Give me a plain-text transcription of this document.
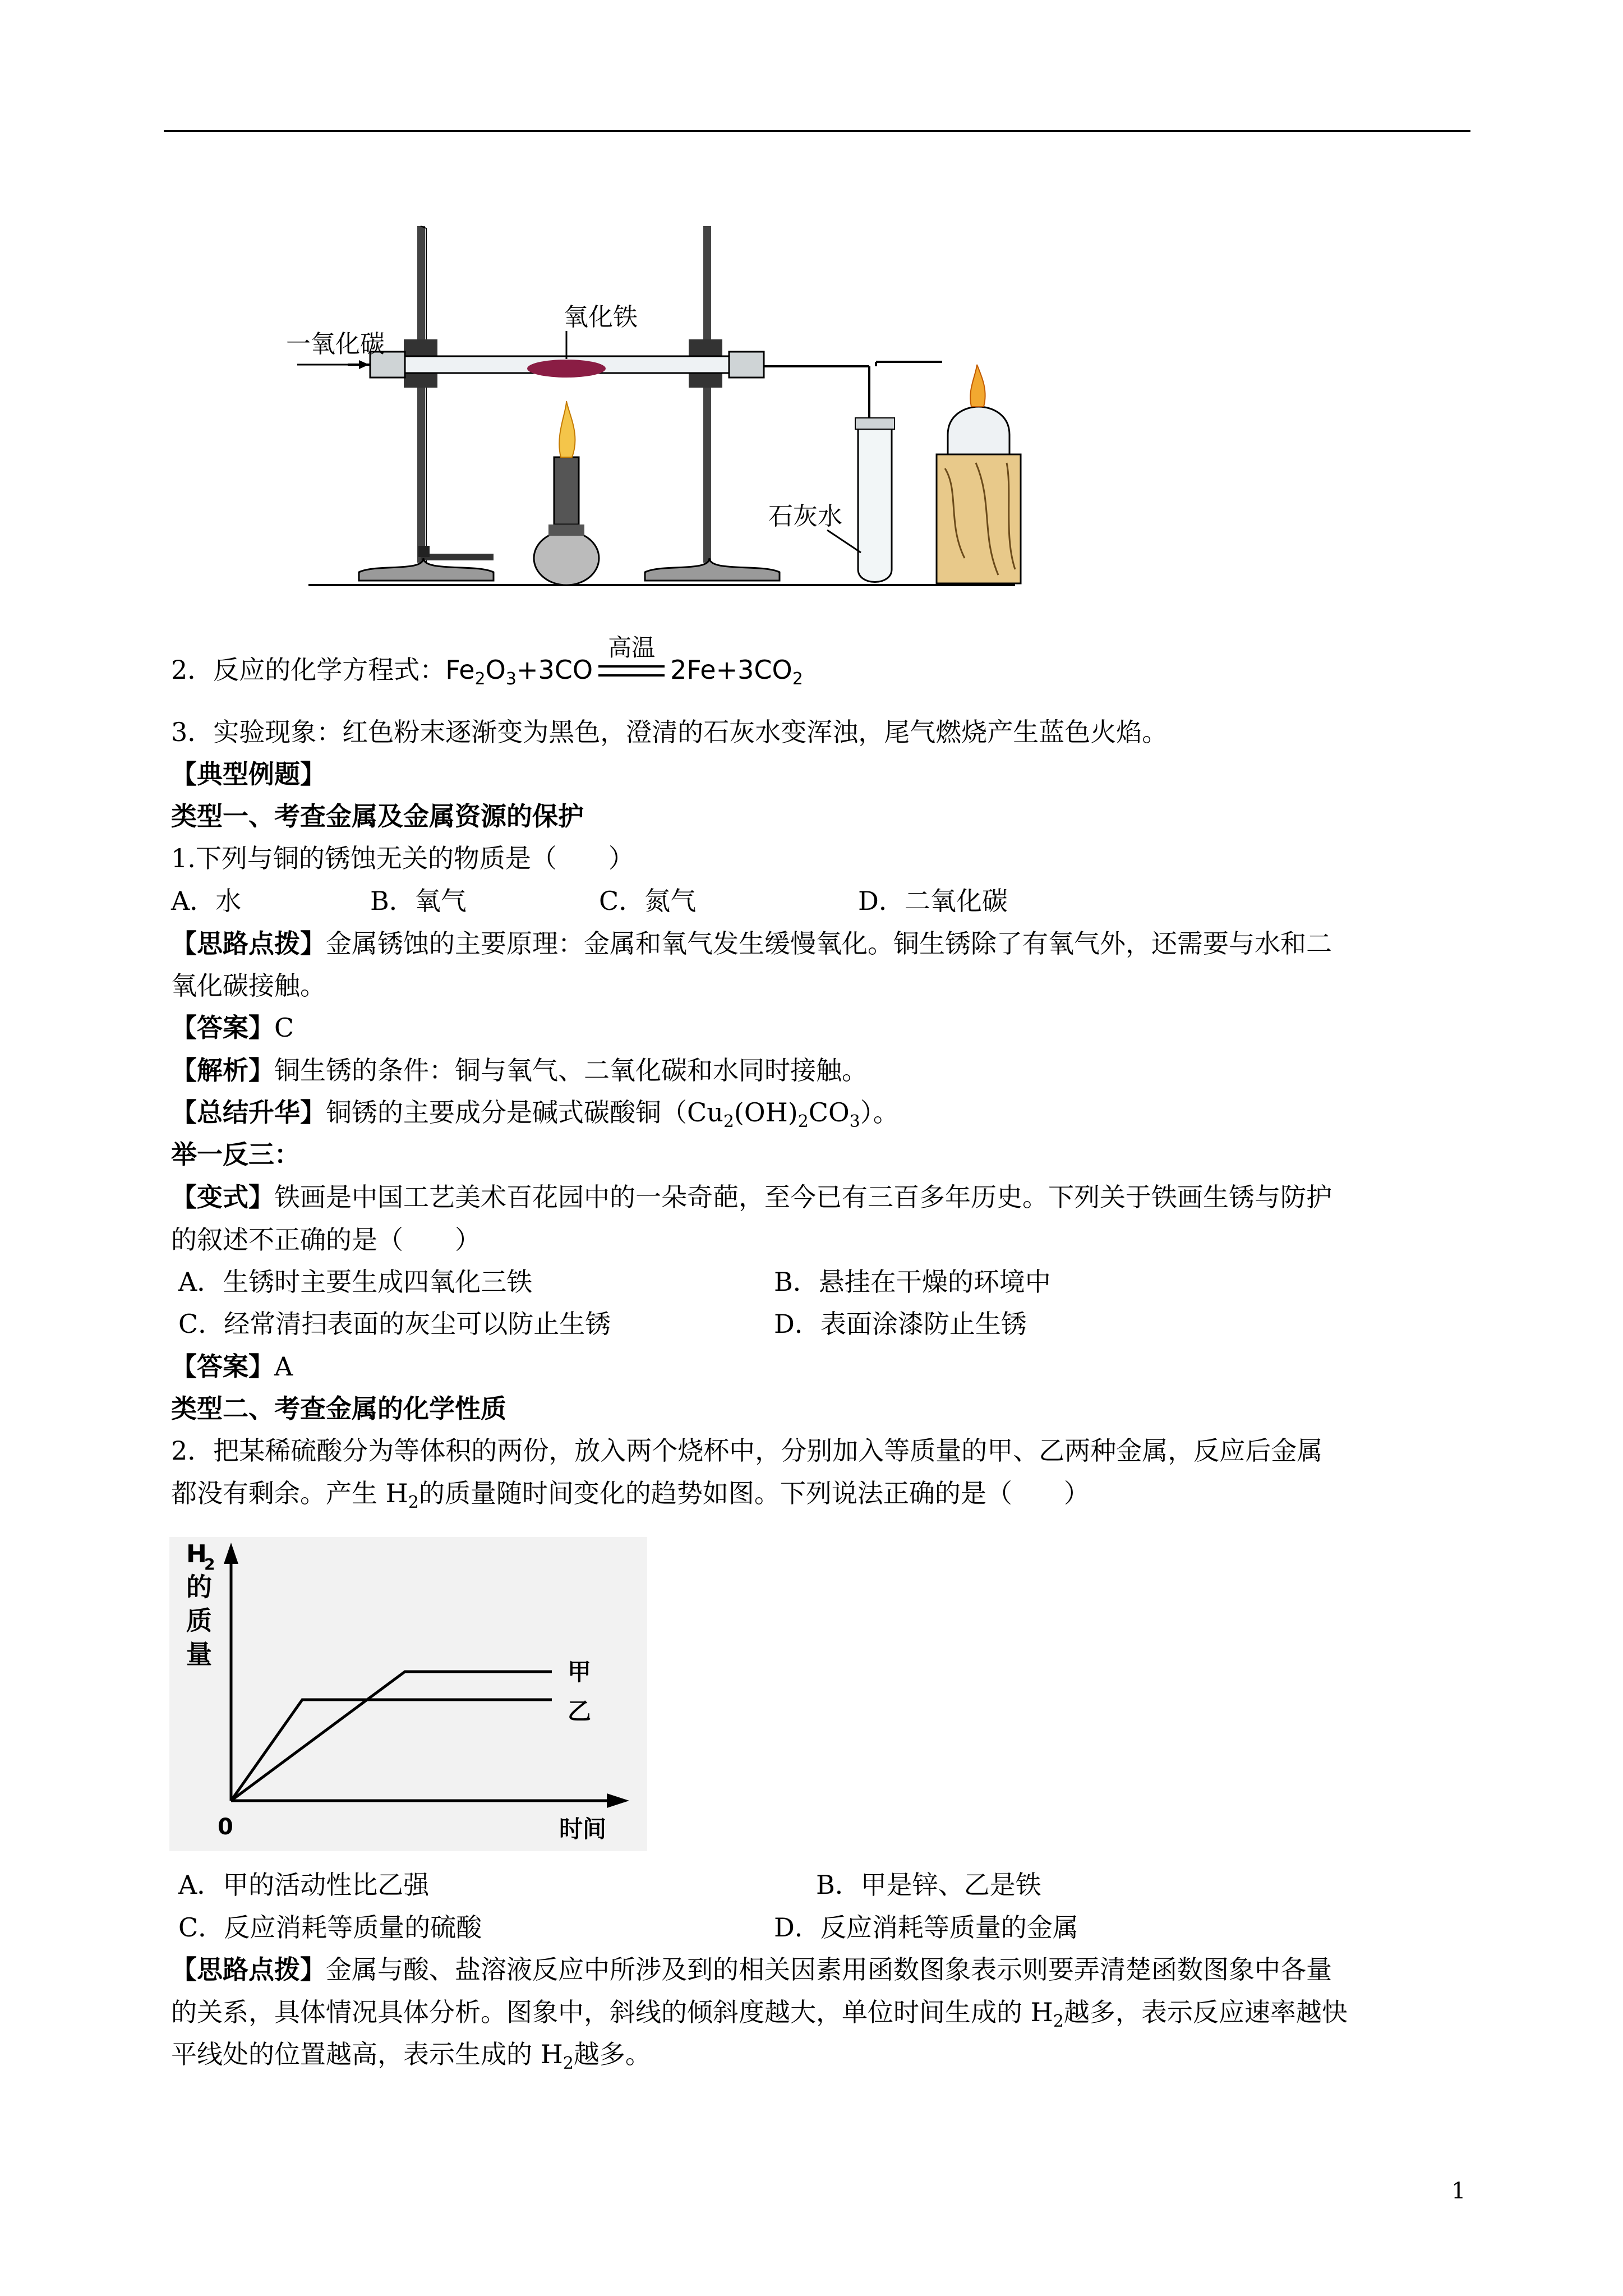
一氧化碳
氧化铁
石灰水
2．反应的化学方程式：$Fe_2O_3+3CO$
高温
$2Fe+3CO_2$
3．实验现象：红色粉末逐渐变为黑色，澄清的石灰水变浑浊，尾气燃烧产生蓝色火焰。
【典型例题】
类型一、考查金属及金属资源的保护
1.下列与铜的锈蚀无关的物质是（　　）
A．水	B．氧气	C．氮气	D．二氧化碳
【思路点拨】金属锈蚀的主要原理：金属和氧气发生缓慢氧化。铜生锈除了有氧气外，还需要与水和二
氧化碳接触。
【答案】C
【解析】铜生锈的条件：铜与氧气、二氧化碳和水同时接触。
【总结升华】铜锈的主要成分是碱式碳酸铜$(Cu_2(OH)_2CO_3)$。
举一反三：
【变式】铁画是中国工艺美术百花园中的一朵奇葩，至今已有三百多年历史。下列关于铁画生锈与防护
的叙述不正确的是（　　）
A．生锈时主要生成四氧化三铁	B．悬挂在干燥的环境中
C．经常清扫表面的灰尘可以防止生锈	D．表面涂漆防止生锈
【答案】A
类型二、考查金属的化学性质
2．把某稀硫酸分为等体积的两份，放入两个烧杯中，分别加入等质量的甲、乙两种金属，反应后金属
都没有剩余。产生 $H_2$的质量随时间变化的趋势如图。下列说法正确的是（　　）
H
2
的
质
量
0	时间
甲
乙
A．甲的活动性比乙强	B．甲是锌、乙是铁
C．反应消耗等质量的硫酸	D．反应消耗等质量的金属
【思路点拨】金属与酸、盐溶液反应中所涉及到的相关因素用函数图象表示则要弄清楚函数图象中各量
的关系，具体情况具体分析。图象中，斜线的倾斜度越大，单位时间生成的 $H_2$越多，表示反应速率越快
平线处的位置越高，表示生成的 $H_2$越多。
1
